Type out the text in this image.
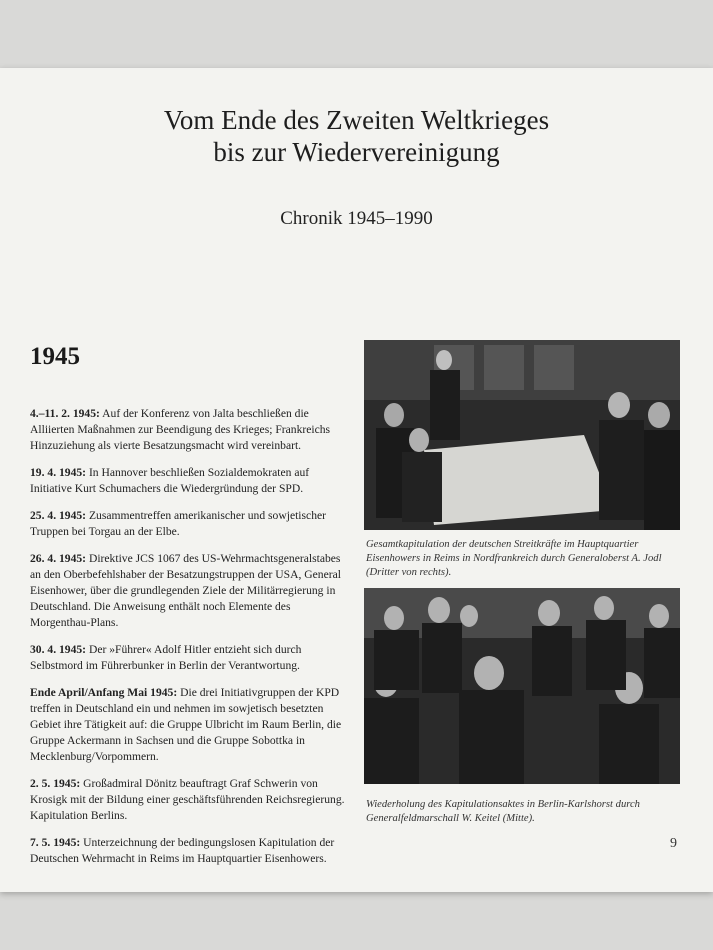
Vom Ende des Zweiten Weltkrieges
bis zur Wiedervereinigung
Chronik 1945–1990
1945

4.–11. 2. 1945: Auf der Konferenz von Jalta beschließen die Alliierten Maßnahmen zur Beendigung des Krieges; Frankreichs Hinzuziehung als vierte Besatzungsmacht wird vereinbart.

19. 4. 1945: In Hannover beschließen Sozialdemokraten auf Initiative Kurt Schumachers die Wiedergründung der SPD.

25. 4. 1945: Zusammentreffen amerikanischer und sowjetischer Truppen bei Torgau an der Elbe.

26. 4. 1945: Direktive JCS 1067 des US-Wehrmachtsgeneralstabes an den Oberbefehlshaber der Besatzungstruppen der USA, General Eisenhower, über die grundlegenden Ziele der Militärregierung in Deutschland. Die Anweisung enthält noch Elemente des Morgenthau-Plans.

30. 4. 1945: Der »Führer« Adolf Hitler entzieht sich durch Selbstmord im Führerbunker in Berlin der Verantwortung.

Ende April/Anfang Mai 1945: Die drei Initiativgruppen der KPD treffen in Deutschland ein und nehmen im sowjetisch besetzten Gebiet ihre Tätigkeit auf: die Gruppe Ulbricht im Raum Berlin, die Gruppe Ackermann in Sachsen und die Gruppe Sobottka in Mecklenburg/Vorpommern.

2. 5. 1945: Großadmiral Dönitz beauftragt Graf Schwerin von Krosigk mit der Bildung einer geschäftsführenden Reichsregierung. Kapitulation Berlins.

7. 5. 1945: Unterzeichnung der bedingungslosen Kapitulation der Deutschen Wehrmacht in Reims im Hauptquartier Eisenhowers.

Gesamtkapitulation der deutschen Streitkräfte im Hauptquartier Eisenhowers in Reims in Nordfrankreich durch Generaloberst A. Jodl (Dritter von rechts).
Wiederholung des Kapitulationsaktes in Berlin-Karlshorst durch Generalfeldmarschall W. Keitel (Mitte).
9
